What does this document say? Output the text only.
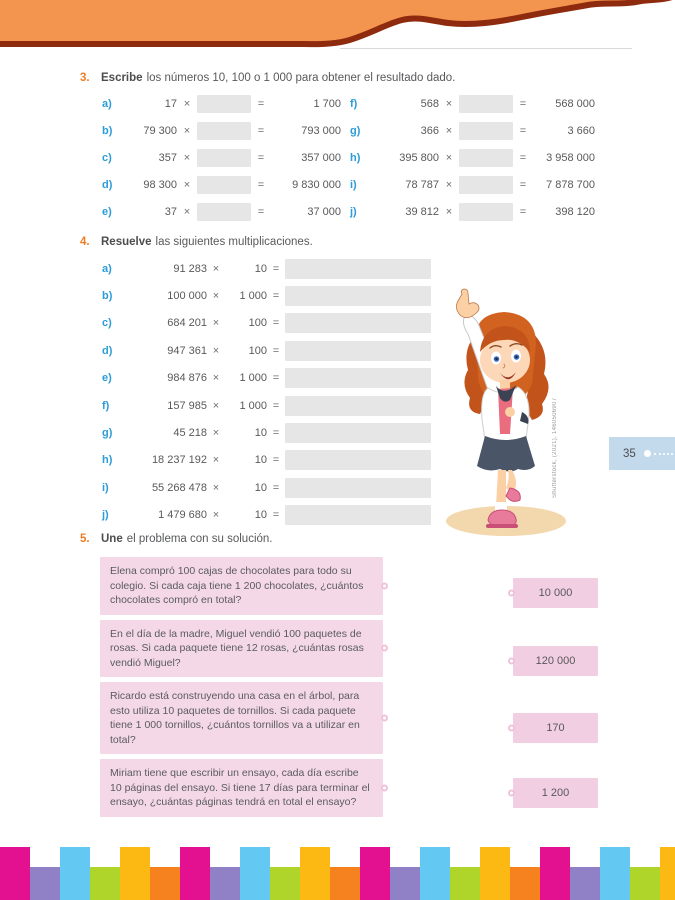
3. Escribe los números 10, 100 o 1 000 para obtener el resultado dado.
a)	17 ×	=	1 700
b)	79 300 ×	=	793 000
c)	357 ×	=	357 000
d)	98 300 ×	=	9 830 000
e)	37 ×	=	37 000
f)	568 ×	=	568 000
g)	366 ×	=	3 660
h)	395 800 ×	=	3 958 000
i)	78 787 ×	=	7 878 700
j)	39 812 ×	=	398 120
4. Resuelve las siguientes multiplicaciones.
a)	91 283 ×	10 =
b)	100 000 ×	1 000 =
c)	684 201 ×	100 =
d)	947 361 ×	100 =
e)	984 876 ×	1 000 =
f)	157 985 ×	1 000 =
g)	45 218 ×	10 =
h)	18 237 192 ×	10 =
i)	55 268 478 ×	10 =
j)	1 479 680 ×	10 =
Shutterstock, (2021), 1460506907	35
5. Une el problema con su solución.
Elena compró 100 cajas de chocolates para todo su colegio. Si cada caja tiene 1 200 chocolates, ¿cuántos chocolates compró en total?
En el día de la madre, Miguel vendió 100 paquetes de rosas. Si cada paquete tiene 12 rosas, ¿cuántas rosas vendió Miguel?
Ricardo está construyendo una casa en el árbol, para esto utiliza 10 paquetes de tornillos. Si cada paquete tiene 1 000 tornillos, ¿cuántos tornillos va a utilizar en total?
Miriam tiene que escribir un ensayo, cada día escribe 10 páginas del ensayo. Si tiene 17 días para terminar el ensayo, ¿cuántas páginas tendrá en total el ensayo?
10 000
120 000
170
1 200
